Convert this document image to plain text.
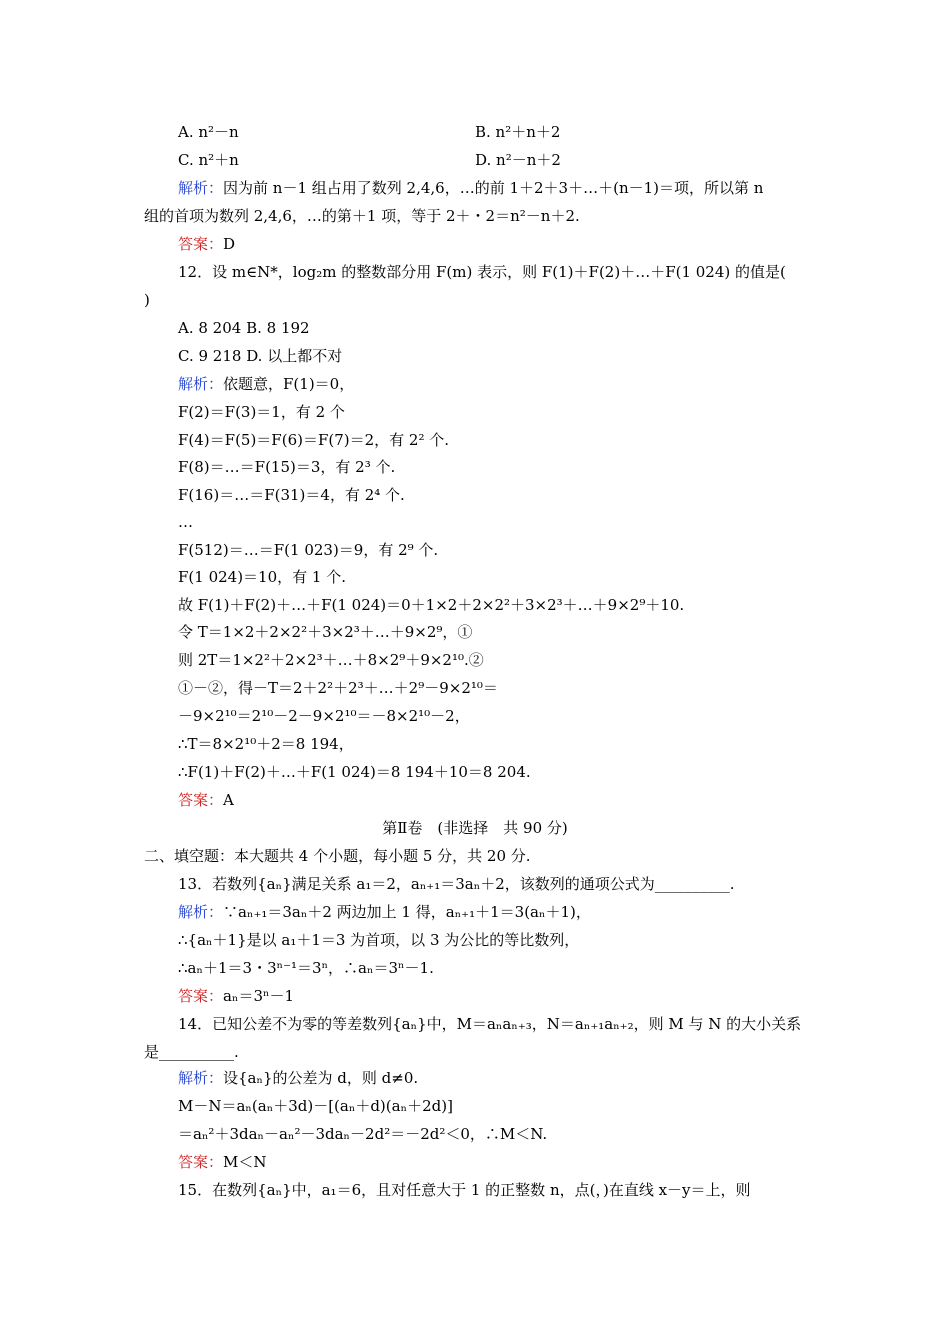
A. n²－n	B. n²＋n＋2
C. n²＋n	D. n²－n＋2
解析：因为前 n－1 组占用了数列 2,4,6，…的前 1＋2＋3＋…＋(n－1)＝项，所以第 n
组的首项为数列 2,4,6，…的第＋1 项，等于 2＋・2＝n²－n＋2.
答案：D
12．设 m∈N*，log₂m 的整数部分用 F(m) 表示，则 F(1)＋F(2)＋…＋F(1 024) 的值是(
)
A. 8 204 B. 8 192
C. 9 218 D. 以上都不对
解析：依题意，F(1)＝0，
F(2)＝F(3)＝1，有 2 个
F(4)＝F(5)＝F(6)＝F(7)＝2，有 2² 个.
F(8)＝…＝F(15)＝3，有 2³ 个.
F(16)＝…＝F(31)＝4，有 2⁴ 个.
…
F(512)＝…＝F(1 023)＝9，有 2⁹ 个.
F(1 024)＝10，有 1 个.
故 F(1)＋F(2)＋…＋F(1 024)＝0＋1×2＋2×2²＋3×2³＋…＋9×2⁹＋10.
令 T＝1×2＋2×2²＋3×2³＋…＋9×2⁹，①
则 2T＝1×2²＋2×2³＋…＋8×2⁹＋9×2¹⁰.②
①－②，得－T＝2＋2²＋2³＋…＋2⁹－9×2¹⁰＝
－9×2¹⁰＝2¹⁰－2－9×2¹⁰＝－8×2¹⁰－2，
∴T＝8×2¹⁰＋2＝8 194，
∴F(1)＋F(2)＋…＋F(1 024)＝8 194＋10＝8 204.
答案：A
第Ⅱ卷　(非选择　共 90 分)
二、填空题：本大题共 4 个小题，每小题 5 分，共 20 分.
13．若数列{aₙ}满足关系 a₁＝2，aₙ₊₁＝3aₙ＋2，该数列的通项公式为__________.
解析：∵aₙ₊₁＝3aₙ＋2 两边加上 1 得，aₙ₊₁＋1＝3(aₙ＋1)，
∴{aₙ＋1}是以 a₁＋1＝3 为首项，以 3 为公比的等比数列，
∴aₙ＋1＝3・3ⁿ⁻¹＝3ⁿ，∴aₙ＝3ⁿ－1.
答案：aₙ＝3ⁿ－1
14．已知公差不为零的等差数列{aₙ}中，M＝aₙaₙ₊₃，N＝aₙ₊₁aₙ₊₂，则 M 与 N 的大小关系
是__________.
解析：设{aₙ}的公差为 d，则 d≠0.
M－N＝aₙ(aₙ＋3d)－[(aₙ＋d)(aₙ＋2d)]
＝aₙ²＋3daₙ－aₙ²－3daₙ－2d²＝－2d²＜0，∴M＜N.
答案：M＜N
15．在数列{aₙ}中，a₁＝6，且对任意大于 1 的正整数 n，点(，)在直线 x－y＝上，则
